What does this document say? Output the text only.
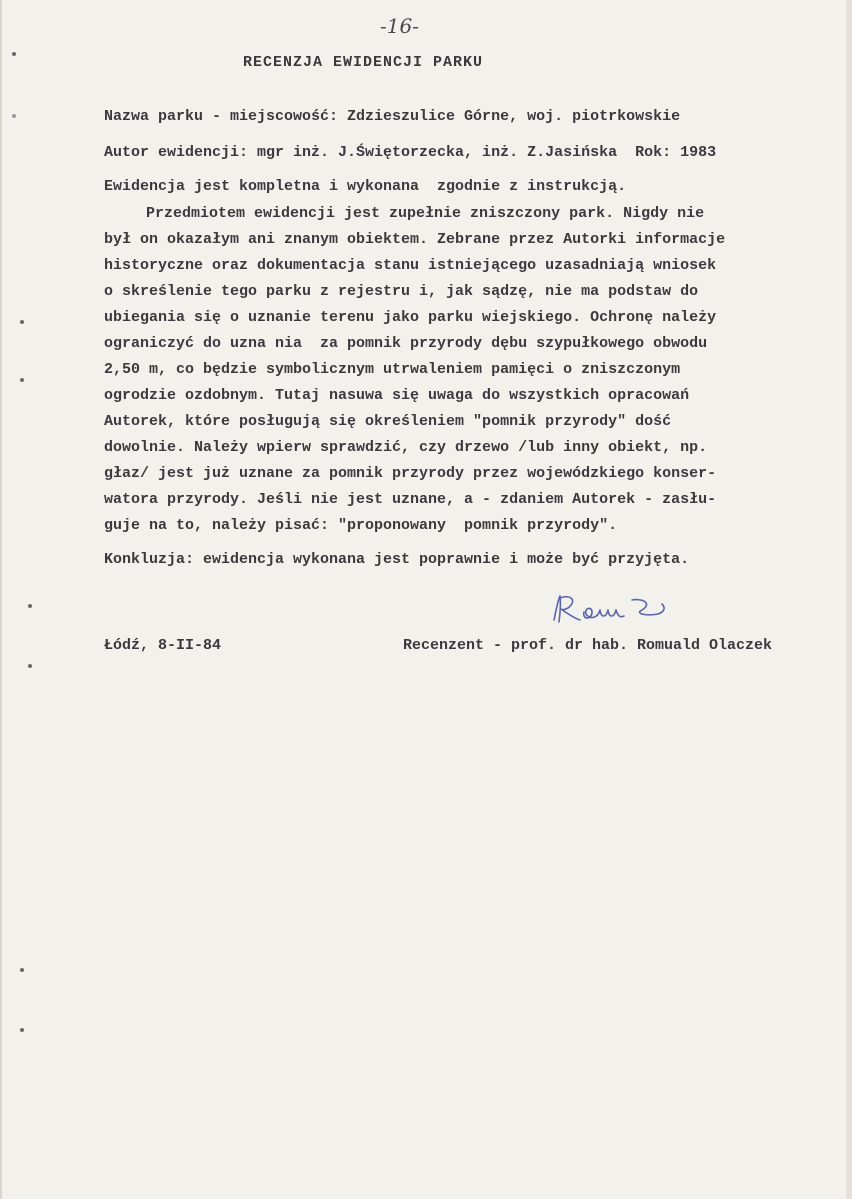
-16-
RECENZJA EWIDENCJI PARKU
Nazwa parku - miejscowość: Zdzieszulice Górne, woj. piotrkowskie
Autor ewidencji: mgr inż. J.Świętorzecka, inż. Z.Jasińska  Rok: 1983
Ewidencja jest kompletna i wykonana  zgodnie z instrukcją.
Przedmiotem ewidencji jest zupełnie zniszczony park. Nigdy nie
był on okazałym ani znanym obiektem. Zebrane przez Autorki informacje
historyczne oraz dokumentacja stanu istniejącego uzasadniają wniosek
o skreślenie tego parku z rejestru i, jak sądzę, nie ma podstaw do
ubiegania się o uznanie terenu jako parku wiejskiego. Ochronę należy
ograniczyć do uzna nia  za pomnik przyrody dębu szypułkowego obwodu
2,50 m, co będzie symbolicznym utrwaleniem pamięci o zniszczonym
ogrodzie ozdobnym. Tutaj nasuwa się uwaga do wszystkich opracowań
Autorek, które posługują się określeniem "pomnik przyrody" dość
dowolnie. Należy wpierw sprawdzić, czy drzewo /lub inny obiekt, np.
głaz/ jest już uznane za pomnik przyrody przez wojewódzkiego konser-
watora przyrody. Jeśli nie jest uznane, a - zdaniem Autorek - zasłu-
guje na to, należy pisać: "proponowany  pomnik przyrody".
Konkluzja: ewidencja wykonana jest poprawnie i może być przyjęta.
Łódź, 8-II-84	Recenzent - prof. dr hab. Romuald Olaczek
